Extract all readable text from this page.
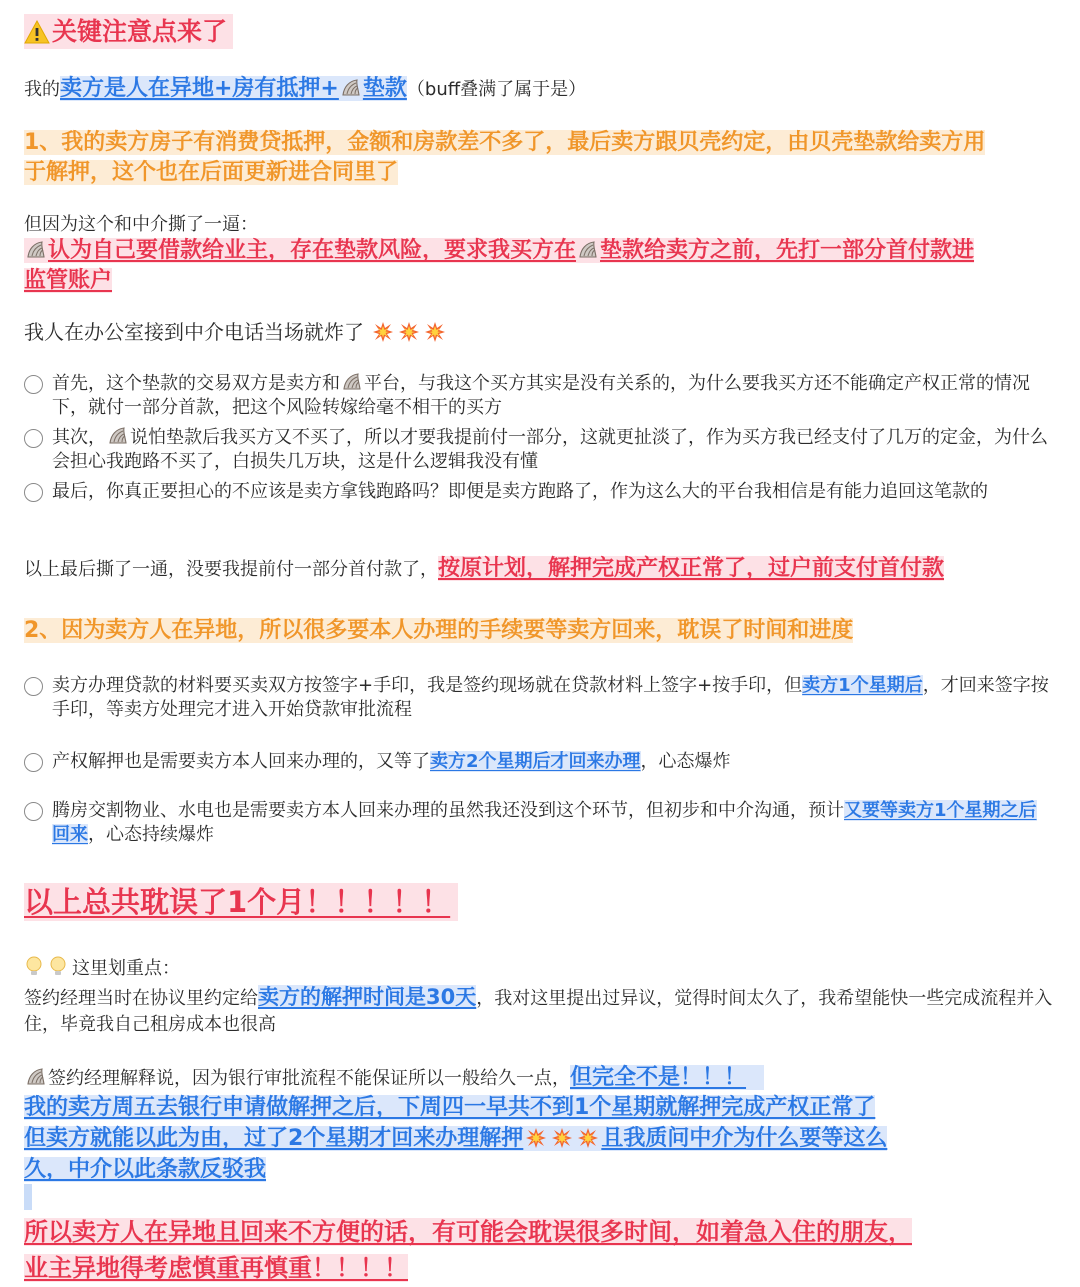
关键注意点来了
我的卖方是人在异地+房有抵押+ 垫款（buff叠满了属于是）
1、我的卖方房子有消费贷抵押，金额和房款差不多了，最后卖方跟贝壳约定，由贝壳垫款给卖方用
于解押，这个也在后面更新进合同里了
但因为这个和中介撕了一逼：
认为自己要借款给业主，存在垫款风险，要求我买方在 垫款给卖方之前，先打一部分首付款进
监管账户
我人在办公室接到中介电话当场就炸了
首先，这个垫款的交易双方是卖方和 平台，与我这个买方其实是没有关系的，为什么要我买方还不能确定产权正常的情况下，就付一部分首款，把这个风险转嫁给毫不相干的买方
其次， 说怕垫款后我买方又不买了，所以才要我提前付一部分，这就更扯淡了，作为买方我已经支付了几万的定金，为什么会担心我跑路不买了，白损失几万块，这是什么逻辑我没有懂
最后，你真正要担心的不应该是卖方拿钱跑路吗？即便是卖方跑路了，作为这么大的平台我相信是有能力追回这笔款的
以上最后撕了一通，没要我提前付一部分首付款了，按原计划，解押完成产权正常了，过户前支付首付款
2、因为卖方人在异地，所以很多要本人办理的手续要等卖方回来，耽误了时间和进度
卖方办理贷款的材料要买卖双方按签字+手印，我是签约现场就在贷款材料上签字+按手印，但卖方1个星期后，才回来签字按手印，等卖方处理完才进入开始贷款审批流程
产权解押也是需要卖方本人回来办理的，又等了卖方2个星期后才回来办理，心态爆炸
腾房交割物业、水电也是需要卖方本人回来办理的虽然我还没到这个环节，但初步和中介沟通，预计又要等卖方1个星期之后回来，心态持续爆炸
以上总共耽误了1个月！！！！！
这里划重点：
签约经理当时在协议里约定给卖方的解押时间是30天，我对这里提出过异议，觉得时间太久了，我希望能快一些完成流程并入住，毕竟我自己租房成本也很高
签约经理解释说，因为银行审批流程不能保证所以一般给久一点，但完全不是！！！
我的卖方周五去银行申请做解押之后，下周四一早共不到1个星期就解押完成产权正常了
但卖方就能以此为由，过了2个星期才回来办理解押	且我质问中介为什么要等这么
久，中介以此条款反驳我
所以卖方人在异地且回来不方便的话，有可能会耽误很多时间，如着急入住的朋友，
业主异地得考虑慎重再慎重！！！！
